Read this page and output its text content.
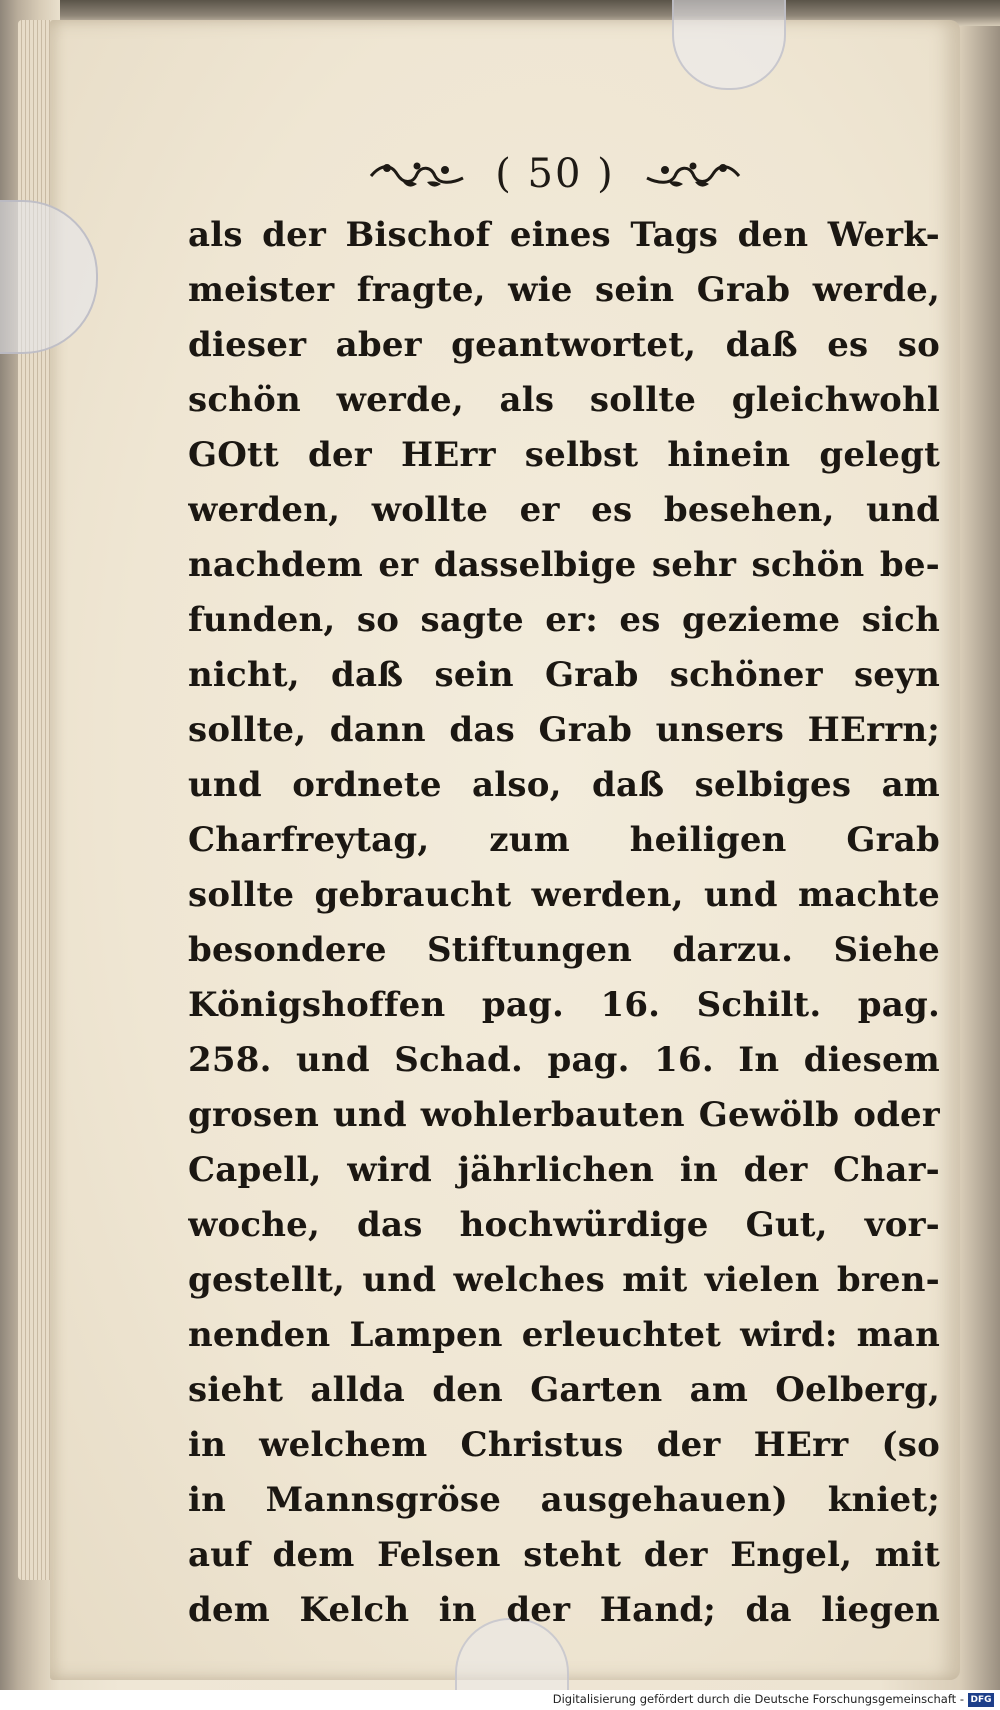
( 50 )
als der Bischof eines Tags den Werk-
meister fragte, wie sein Grab werde,
dieser aber geantwortet, daß es so
schön werde, als sollte gleichwohl
GOtt der HErr selbst hinein gelegt
werden, wollte er es besehen, und
nachdem er dasselbige sehr schön be-
funden, so sagte er: es gezieme sich
nicht, daß sein Grab schöner seyn
sollte, dann das Grab unsers HErrn;
und ordnete also, daß selbiges am
Charfreytag, zum heiligen Grab
sollte gebraucht werden, und machte
besondere Stiftungen darzu. Siehe
Königshoffen pag. 16. Schilt. pag.
258. und Schad. pag. 16. In diesem
grosen und wohlerbauten Gewölb oder
Capell, wird jährlichen in der Char-
woche, das hochwürdige Gut, vor-
gestellt, und welches mit vielen bren-
nenden Lampen erleuchtet wird: man
sieht allda den Garten am Oelberg,
in welchem Christus der HErr (so
in Mannsgröse ausgehauen) kniet;
auf dem Felsen steht der Engel, mit
dem Kelch in der Hand; da liegen
Digitalisierung gefördert durch die Deutsche Forschungsgemeinschaft - DFG
